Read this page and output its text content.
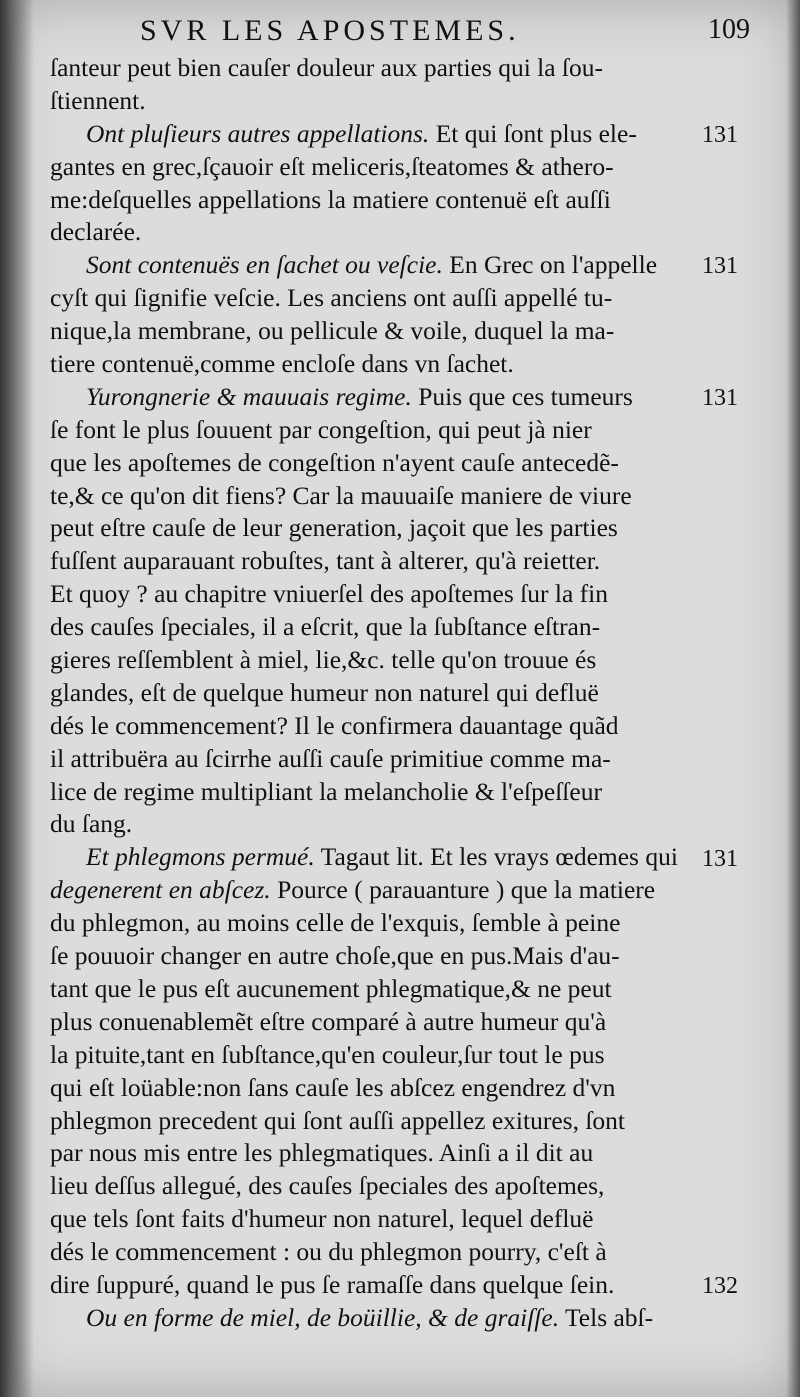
SVR LES APOSTEMES.	109
ſanteur peut bien cauſer douleur aux parties qui la ſou-
ſtiennent.
Ont pluſieurs autres appellations. Et qui ſont plus ele-
gantes en grec,ſçauoir eſt meliceris,ſteatomes & athero-
me:deſquelles appellations la matiere contenuë eſt auſſi
declarée.
Sont contenuës en ſachet ou veſcie. En Grec on l'appelle
cyſt qui ſignifie veſcie. Les anciens ont auſſi appellé tu-
nique,la membrane, ou pellicule & voile, duquel la ma-
tiere contenuë,comme encloſe dans vn ſachet.
Yurongnerie & mauuais regime. Puis que ces tumeurs
ſe font le plus ſouuent par congeſtion, qui peut jà nier
que les apoſtemes de congeſtion n'ayent cauſe antecedẽ-
te,& ce qu'on dit fiens? Car la mauuaiſe maniere de viure
peut eſtre cauſe de leur generation, jaçoit que les parties
fuſſent auparauant robuſtes, tant à alterer, qu'à reietter.
Et quoy ? au chapitre vniuerſel des apoſtemes ſur la fin
des cauſes ſpeciales, il a eſcrit, que la ſubſtance eſtran-
gieres reſſemblent à miel, lie,&c. telle qu'on trouue és
glandes, eſt de quelque humeur non naturel qui defluë
dés le commencement? Il le confirmera dauantage quãd
il attribuëra au ſcirrhe auſſi cauſe primitiue comme ma-
lice de regime multipliant la melancholie & l'eſpeſſeur
du ſang.
Et phlegmons permué. Tagaut lit. Et les vrays œdemes qui
degenerent en abſcez. Pource ( parauanture ) que la matiere
du phlegmon, au moins celle de l'exquis, ſemble à peine
ſe pouuoir changer en autre choſe,que en pus.Mais d'au-
tant que le pus eſt aucunement phlegmatique,& ne peut
plus conuenablemẽt eſtre comparé à autre humeur qu'à
la pituite,tant en ſubſtance,qu'en couleur,ſur tout le pus
qui eſt loüable:non ſans cauſe les abſcez engendrez d'vn
phlegmon precedent qui ſont auſſi appellez exitures, ſont
par nous mis entre les phlegmatiques. Ainſi a il dit au
lieu deſſus allegué, des cauſes ſpeciales des apoſtemes,
que tels ſont faits d'humeur non naturel, lequel defluë
dés le commencement : ou du phlegmon pourry, c'eſt à
dire ſuppuré, quand le pus ſe ramaſſe dans quelque ſein.
Ou en forme de miel, de boüillie, & de graiſſe. Tels abſ-
131
131
131
131
132
